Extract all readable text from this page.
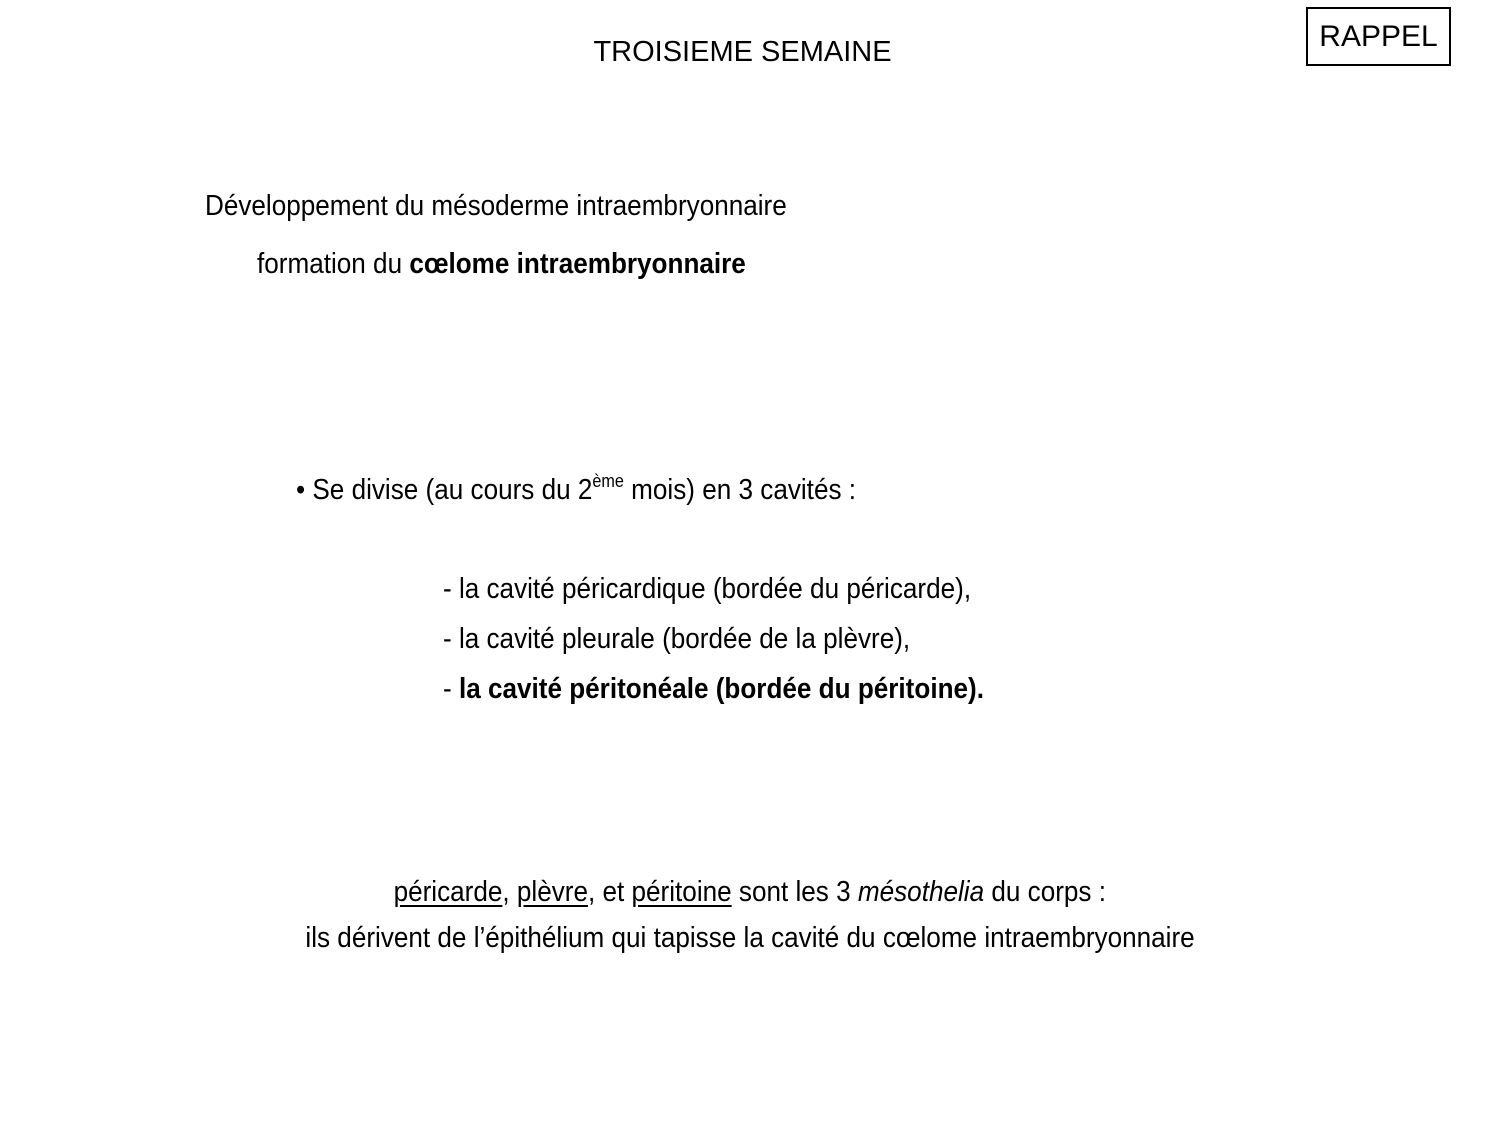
TROISIEME SEMAINE	RAPPEL
Développement du mésoderme intraembryonnaire
formation du cœlome intraembryonnaire
• Se divise (au cours du 2ème mois) en 3 cavités :
- la cavité péricardique (bordée du péricarde),
- la cavité pleurale (bordée de la plèvre),
- la cavité péritonéale (bordée du péritoine).
péricarde, plèvre, et péritoine sont les 3 mésothelia du corps :
ils dérivent de l’épithélium qui tapisse la cavité du cœlome intraembryonnaire
